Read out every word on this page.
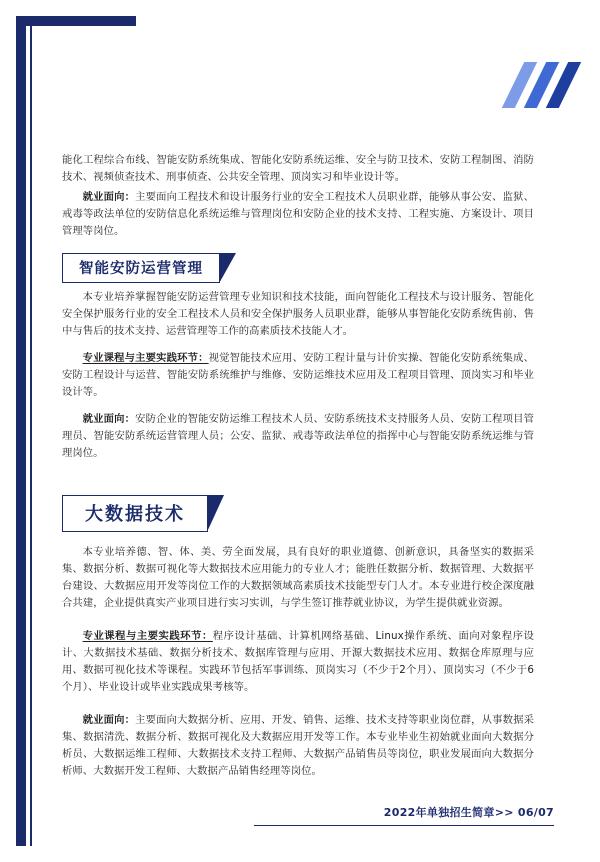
能化工程综合布线、智能安防系统集成、智能化安防系统运维、安全与防卫技术、安防工程制图、消防技术、视频侦查技术、刑事侦查、公共安全管理、顶岗实习和毕业设计等。

就业面向：主要面向工程技术和设计服务行业的安全工程技术人员职业群，能够从事公安、监狱、戒毒等政法单位的安防信息化系统运维与管理岗位和安防企业的技术支持、工程实施、方案设计、项目管理等岗位。

智能安防运营管理

本专业培养掌握智能安防运营管理专业知识和技术技能，面向智能化工程技术与设计服务、智能化安全保护服务行业的安全工程技术人员和安全保护服务人员职业群，能够从事智能化安防系统售前、售中与售后的技术支持、运营管理等工作的高素质技术技能人才。

专业课程与主要实践环节：视觉智能技术应用、安防工程计量与计价实操、智能化安防系统集成、安防工程设计与运营、智能安防系统维护与维修、安防运维技术应用及工程项目管理、顶岗实习和毕业设计等。

就业面向：安防企业的智能安防运维工程技术人员、安防系统技术支持服务人员、安防工程项目管理员、智能安防系统运营管理人员；公安、监狱、戒毒等政法单位的指挥中心与智能安防系统运维与管理岗位。

大数据技术

本专业培养德、智、体、美、劳全面发展，具有良好的职业道德、创新意识，具备坚实的数据采集、数据分析、数据可视化等大数据技术应用能力的专业人才；能胜任数据分析、数据管理、大数据平台建设、大数据应用开发等岗位工作的大数据领域高素质技术技能型专门人才。本专业进行校企深度融合共建，企业提供真实产业项目进行实习实训，与学生签订推荐就业协议，为学生提供就业资源。

专业课程与主要实践环节：程序设计基础、计算机网络基础、Linux操作系统、面向对象程序设计、大数据技术基础、数据分析技术、数据库管理与应用、开源大数据技术应用、数据仓库原理与应用、数据可视化技术等课程。实践环节包括军事训练、顶岗实习（不少于2个月）、顶岗实习（不少于6个月）、毕业设计或毕业实践成果考核等。

就业面向：主要面向大数据分析、应用、开发、销售、运维、技术支持等职业岗位群，从事数据采集、数据清洗、数据分析、数据可视化及大数据应用开发等工作。本专业毕业生初始就业面向大数据分析员、大数据运维工程师、大数据技术支持工程师、大数据产品销售员等岗位，职业发展面向大数据分析师、大数据开发工程师、大数据产品销售经理等岗位。

2022年单独招生简章>> 06/07
